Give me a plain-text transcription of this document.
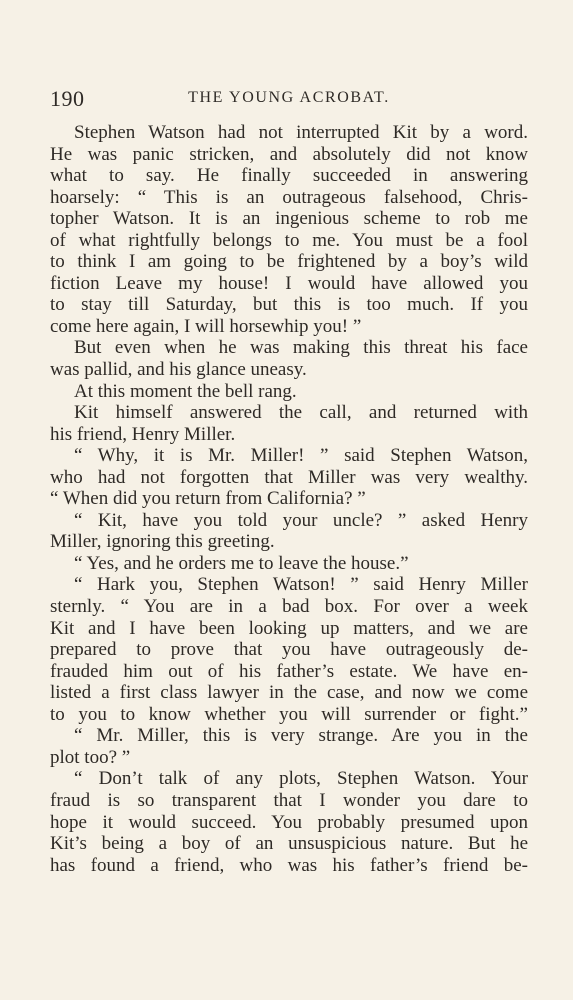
190	THE YOUNG ACROBAT.
Stephen Watson had not interrupted Kit by a word.
He was panic stricken, and absolutely did not know
what to say. He finally succeeded in answering
hoarsely: “ This is an outrageous falsehood, Chris-
topher Watson. It is an ingenious scheme to rob me
of what rightfully belongs to me. You must be a fool
to think I am going to be frightened by a boy’s wild
fiction Leave my house! I would have allowed you
to stay till Saturday, but this is too much. If you
come here again, I will horsewhip you! ”
But even when he was making this threat his face
was pallid, and his glance uneasy.
At this moment the bell rang.
Kit himself answered the call, and returned with
his friend, Henry Miller.
“ Why, it is Mr. Miller! ” said Stephen Watson,
who had not forgotten that Miller was very wealthy.
“ When did you return from California? ”
“ Kit, have you told your uncle? ” asked Henry
Miller, ignoring this greeting.
“ Yes, and he orders me to leave the house.”
“ Hark you, Stephen Watson! ” said Henry Miller
sternly. “ You are in a bad box. For over a week
Kit and I have been looking up matters, and we are
prepared to prove that you have outrageously de-
frauded him out of his father’s estate. We have en-
listed a first class lawyer in the case, and now we come
to you to know whether you will surrender or fight.”
“ Mr. Miller, this is very strange. Are you in the
plot too? ”
“ Don’t talk of any plots, Stephen Watson. Your
fraud is so transparent that I wonder you dare to
hope it would succeed. You probably presumed upon
Kit’s being a boy of an unsuspicious nature. But he
has found a friend, who was his father’s friend be-
